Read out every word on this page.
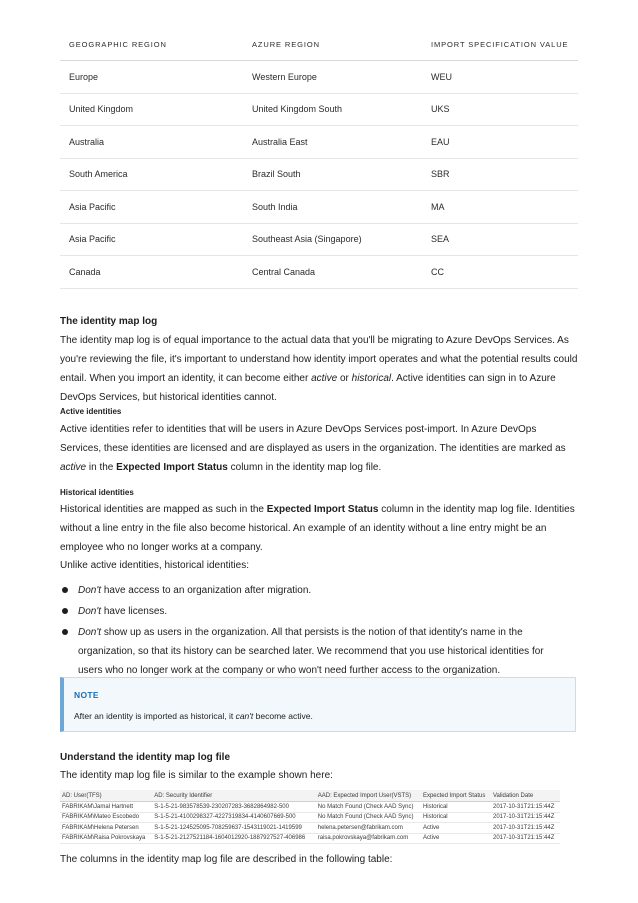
GEOGRAPHIC REGION	AZURE REGION	IMPORT SPECIFICATION VALUE
Europe	Western Europe	WEU
United Kingdom	United Kingdom South	UKS
Australia	Australia East	EAU
South America	Brazil South	SBR
Asia Pacific	South India	MA
Asia Pacific	Southeast Asia (Singapore)	SEA
Canada	Central Canada	CC
The identity map log
The identity map log is of equal importance to the actual data that you'll be migrating to Azure DevOps Services. As you're reviewing the file, it's important to understand how identity import operates and what the potential results could entail. When you import an identity, it can become either active or historical. Active identities can sign in to Azure DevOps Services, but historical identities cannot.
Active identities
Active identities refer to identities that will be users in Azure DevOps Services post-import. In Azure DevOps Services, these identities are licensed and are displayed as users in the organization. The identities are marked as active in the Expected Import Status column in the identity map log file.
Historical identities
Historical identities are mapped as such in the Expected Import Status column in the identity map log file. Identities without a line entry in the file also become historical. An example of an identity without a line entry might be an employee who no longer works at a company.
Unlike active identities, historical identities:
Don't have access to an organization after migration.
Don't have licenses.
Don't show up as users in the organization. All that persists is the notion of that identity's name in the organization, so that its history can be searched later. We recommend that you use historical identities for users who no longer work at the company or who won't need further access to the organization.
NOTE
After an identity is imported as historical, it can't become active.
Understand the identity map log file
The identity map log file is similar to the example shown here:
AD: User(TFS)	AD: Security Identifier	AAD: Expected Import User(VSTS)	Expected Import Status	Validation Date
FABRIKAM\Jamal Hartnett	S-1-5-21-983578539-230207283-3682864982-500	No Match Found (Check AAD Sync)	Historical	2017-10-31T21:15:44Z
FABRIKAM\Mateo Escobedo	S-1-5-21-4100298327-4227319834-4140607669-500	No Match Found (Check AAD Sync)	Historical	2017-10-31T21:15:44Z
FABRIKAM\Helena Petersen	S-1-5-21-124525095-708259637-1543119021-1419599	helena.petersen@fabrikam.com	Active	2017-10-31T21:15:44Z
FABRIKAM\Raisa Pokrovskaya	S-1-5-21-2127521184-1604012920-1887927527-406986	raisa.pokrovskaya@fabrikam.com	Active	2017-10-31T21:15:44Z
The columns in the identity map log file are described in the following table:
